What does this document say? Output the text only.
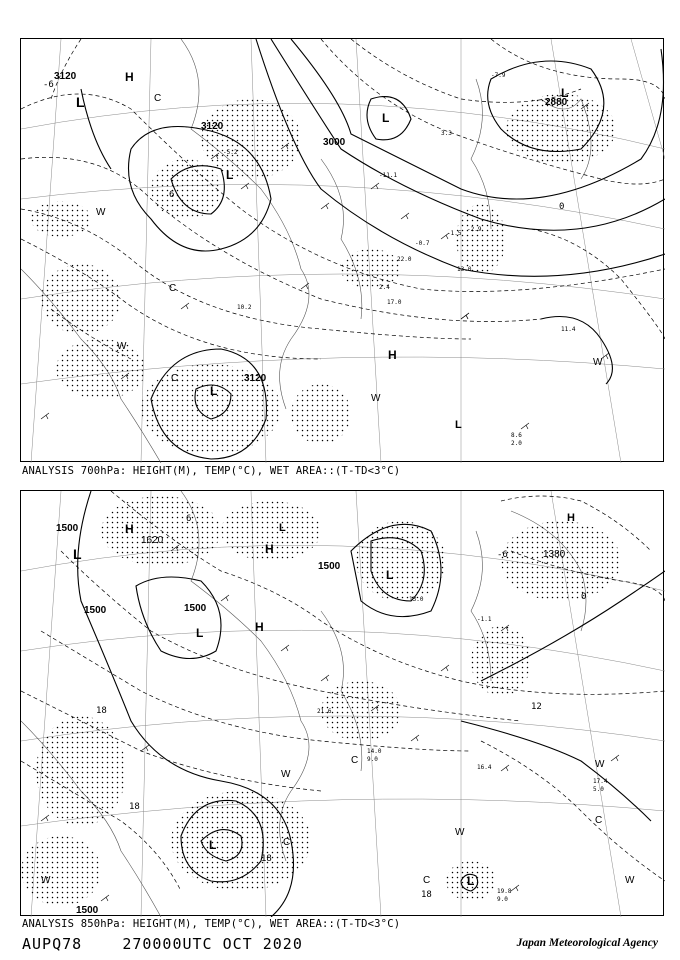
-5.2
-11.1
-1.5
2.4
13.0
22.0
10.2
17.0
11.4
8.6
2.0
-2.9
3.3
-0.7
-7.9
0
-6
6
3120
3120
3000
2880
3120
L
H
L
L
L
H
L
L
W
W
W
C
C
C
W
ANALYSIS 700hPa: HEIGHT(M), TEMP(°C), WET AREA::(T-TD<3°C)
18
18
18
18
12
0
6
-6
17.4
19.8
9.0
14.0
9.0
21.6
5.0
-1.1
13.0
16.4
1500
1500	1500
1500
1380
1500
1620
L
H
H
H
L
L
L
H
L
L
C
C
W
W
W
W
C
C
W
ANALYSIS 850hPa: HEIGHT(M), TEMP(°C), WET AREA::(T-TD<3°C)
AUPQ78	270000UTC OCT 2020	Japan Meteorological Agency
